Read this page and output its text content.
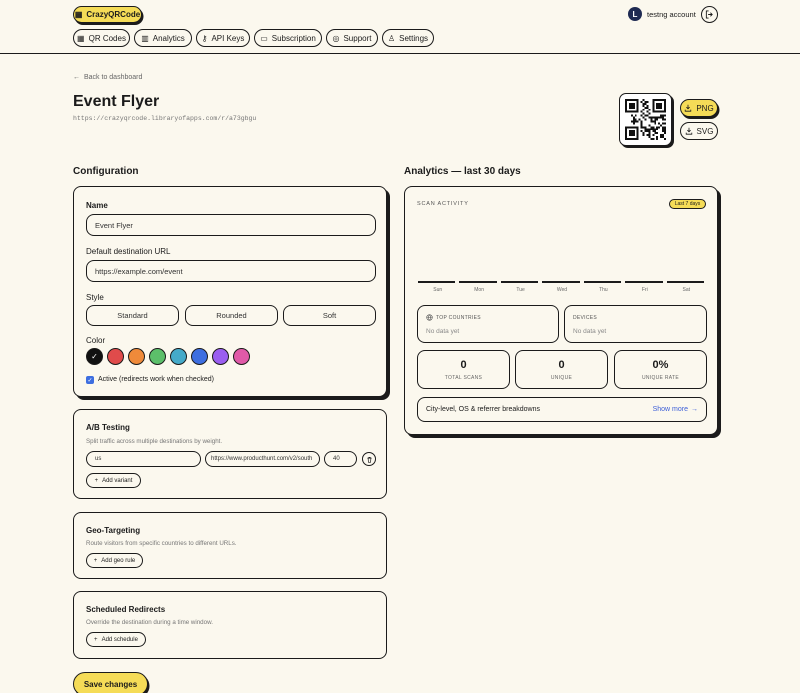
▦ CrazyQRCode	L testng account
▦ QR Codes ▥ Analytics ⚷ API Keys ▭ Subscription ◎ Support ♙ Settings
← Back to dashboard
Event Flyer
https://crazyqrcode.libraryofapps.com/r/a73gbgu
PNG
SVG
Configuration
Name
Event Flyer
Default destination URL
https://example.com/event
Style
Standard	Rounded	Soft
Color
✓
✓ Active (redirects work when checked)
A/B Testing
Split traffic across multiple destinations by weight.
us	https://www.producthunt.com/v2/south	40
+ Add variant
Geo-Targeting
Route visitors from specific countries to different URLs.
+ Add geo rule
Scheduled Redirects
Override the destination during a time window.
+ Add schedule
Save changes
Analytics — last 30 days
SCAN ACTIVITY	Last 7 days
Sun	Mon	Tue	Wed	Thu	Fri	Sat
TOP COUNTRIES
No data yet
DEVICES
No data yet
0
TOTAL SCANS
0
UNIQUE
0%
UNIQUE RATE
City-level, OS & referrer breakdowns	Show more →
